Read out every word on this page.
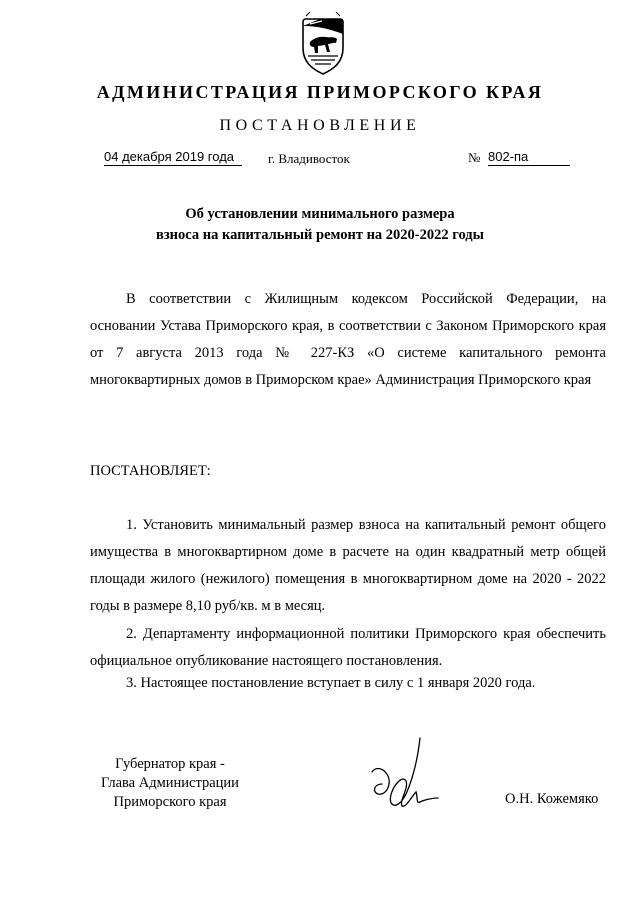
АДМИНИСТРАЦИЯ ПРИМОРСКОГО КРАЯ
ПОСТАНОВЛЕНИЕ
04 декабря 2019 года	г. Владивосток	№ 802-па
Об установлении минимального размера
взноса на капитальный ремонт на 2020-2022 годы
В соответствии с Жилищным кодексом Российской Федерации, на основании Устава Приморского края, в соответствии с Законом Приморского края от 7 августа 2013 года № 227-КЗ «О системе капитального ремонта многоквартирных домов в Приморском крае» Администрация Приморского края
ПОСТАНОВЛЯЕТ:
1. Установить минимальный размер взноса на капитальный ремонт общего имущества в многоквартирном доме в расчете на один квадратный метр общей площади жилого (нежилого) помещения в многоквартирном доме на 2020 - 2022 годы в размере 8,10 руб/кв. м в месяц.
2. Департаменту информационной политики Приморского края обеспечить официальное опубликование настоящего постановления.
3. Настоящее постановление вступает в силу с 1 января 2020 года.
Губернатор края -
Глава Администрации
Приморского края	О.Н. Кожемяко
